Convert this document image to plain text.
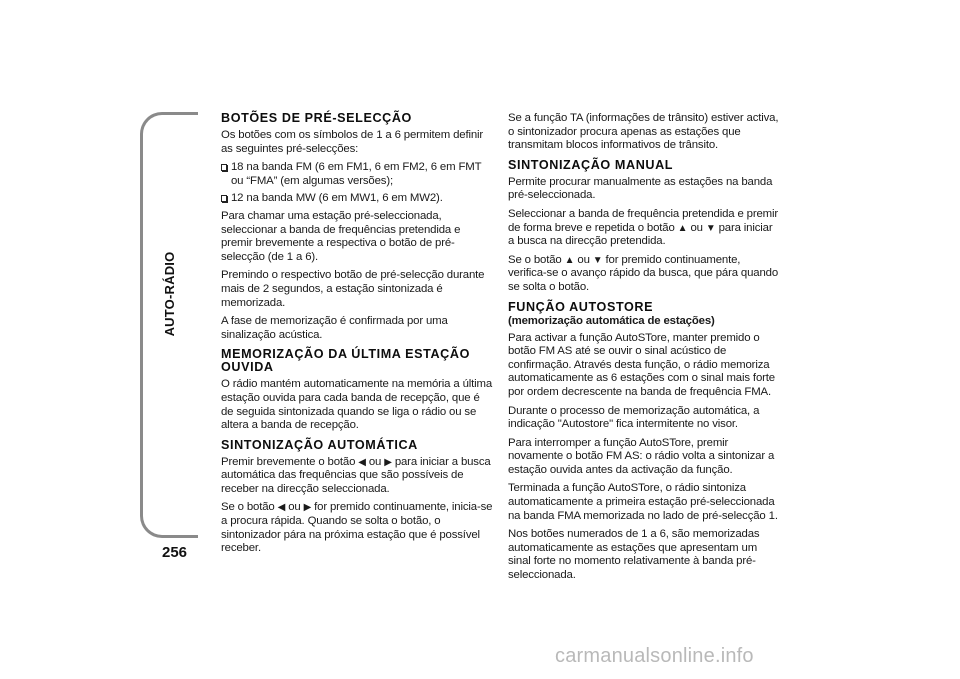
AUTO-RÁDIO
256
BOTÕES DE PRÉ-SELECÇÃO

Os botões com os símbolos de 1 a 6 permitem definir as seguintes pré-selecções:

18 na banda FM (6 em FM1, 6 em FM2, 6 em FMT ou “FMA” (em algumas versões);
12 na banda MW (6 em MW1, 6 em MW2).

Para chamar uma estação pré-seleccionada, seleccionar a banda de frequências pretendida e premir brevemente a respectiva o botão de pré-selecção (de 1 a 6).

Premindo o respectivo botão de pré-selecção durante mais de 2 segundos, a estação sintonizada é memorizada.

A fase de memorização é confirmada por uma sinalização acústica.

MEMORIZAÇÃO DA ÚLTIMA ESTAÇÃO OUVIDA

O rádio mantém automaticamente na memória a última estação ouvida para cada banda de recepção, que é de seguida sintonizada quando se liga o rádio ou se altera a banda de recepção.

SINTONIZAÇÃO AUTOMÁTICA

Premir brevemente o botão ◀ ou ▶ para iniciar a busca automática das frequências que são possíveis de receber na direcção seleccionada.

Se o botão ◀ ou ▶ for premido continuamente, inicia-se a procura rápida. Quando se solta o botão, o sintonizador pára na próxima estação que é possível receber.

Se a função TA (informações de trânsito) estiver activa, o sintonizador procura apenas as estações que transmitam blocos informativos de trânsito.

SINTONIZAÇÃO MANUAL

Permite procurar manualmente as estações na banda pré-seleccionada.

Seleccionar a banda de frequência pretendida e premir de forma breve e repetida o botão ▲ ou ▼ para iniciar a busca na direcção pretendida.

Se o botão ▲ ou ▼ for premido continuamente, verifica-se o avanço rápido da busca, que pára quando se solta o botão.

FUNÇÃO AUTOSTORE
(memorização automática de estações)

Para activar a função AutoSTore, manter premido o botão FM AS até se ouvir o sinal acústico de confirmação. Através desta função, o rádio memoriza automaticamente as 6 estações com o sinal mais forte por ordem decrescente na banda de frequência FMA.

Durante o processo de memorização automática, a indicação "Autostore" fica intermitente no visor.

Para interromper a função AutoSTore, premir novamente o botão FM AS: o rádio volta a sintonizar a estação ouvida antes da activação da função.

Terminada a função AutoSTore, o rádio sintoniza automaticamente a primeira estação pré-seleccionada na banda FMA memorizada no lado de pré-selecção 1.

Nos botões numerados de 1 a 6, são memorizadas automaticamente as estações que apresentam um sinal forte no momento relativamente à banda pré-seleccionada.

carmanualsonline.info
